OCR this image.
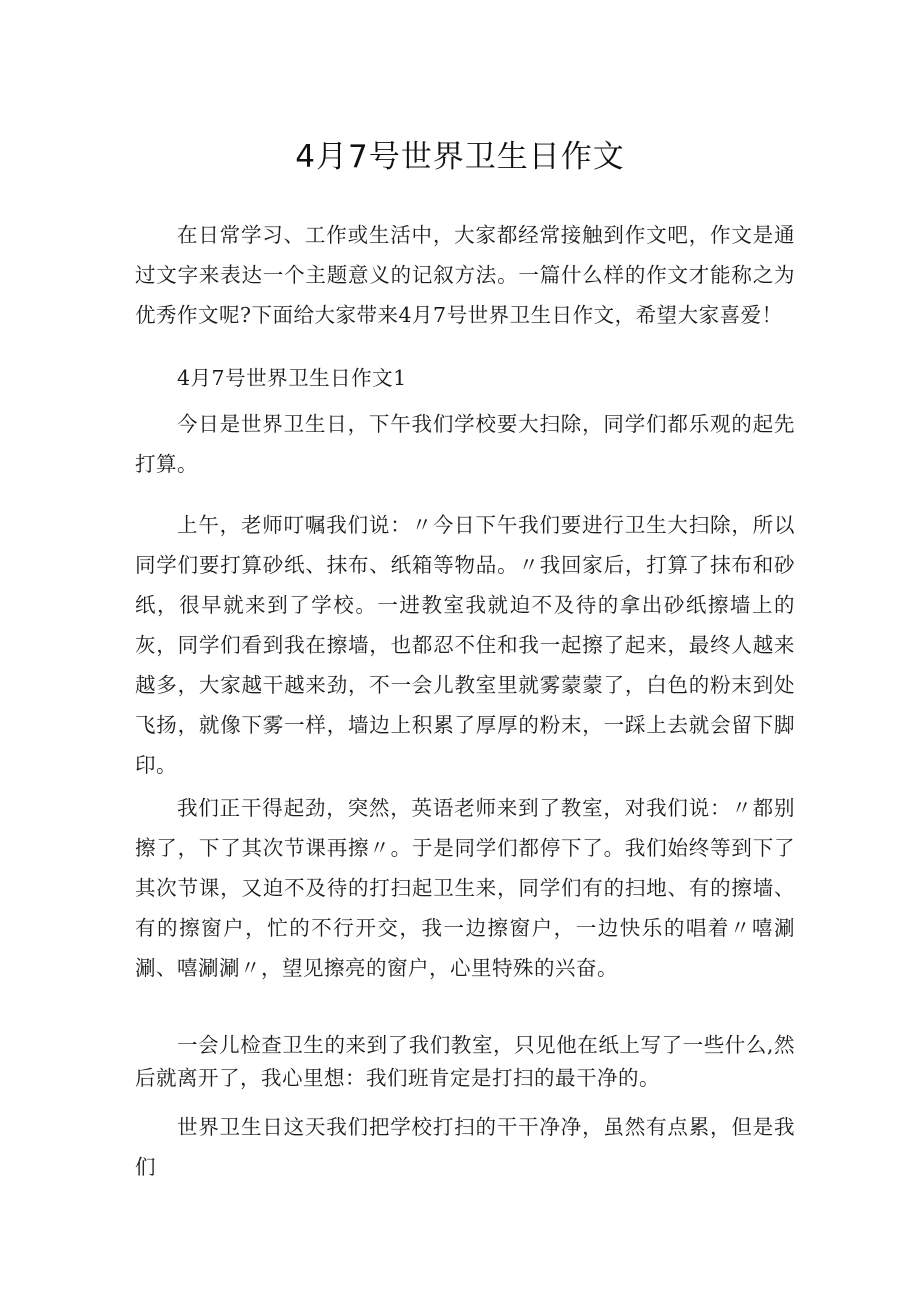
4月7号世界卫生日作文

在日常学习、工作或生活中，大家都经常接触到作文吧，作文是通过文字来表达一个主题意义的记叙方法。一篇什么样的作文才能称之为优秀作文呢?下面给大家带来4月7号世界卫生日作文，希望大家喜爱！

4月7号世界卫生日作文1

今日是世界卫生日，下午我们学校要大扫除，同学们都乐观的起先打算。

上午，老师叮嘱我们说：〃今日下午我们要进行卫生大扫除，所以同学们要打算砂纸、抹布、纸箱等物品。〃我回家后，打算了抹布和砂纸，很早就来到了学校。一进教室我就迫不及待的拿出砂纸擦墙上的灰，同学们看到我在擦墙，也都忍不住和我一起擦了起来，最终人越来越多，大家越干越来劲，不一会儿教室里就雾蒙蒙了，白色的粉末到处飞扬，就像下雾一样，墙边上积累了厚厚的粉末，一踩上去就会留下脚印。

我们正干得起劲，突然，英语老师来到了教室，对我们说：〃都别擦了，下了其次节课再擦〃。于是同学们都停下了。我们始终等到下了其次节课，又迫不及待的打扫起卫生来，同学们有的扫地、有的擦墙、有的擦窗户，忙的不行开交，我一边擦窗户，一边快乐的唱着〃嘻涮涮、嘻涮涮〃，望见擦亮的窗户，心里特殊的兴奋。

一会儿检查卫生的来到了我们教室，只见他在纸上写了一些什么,然后就离开了，我心里想：我们班肯定是打扫的最干净的。

世界卫生日这天我们把学校打扫的干干净净，虽然有点累，但是我们
